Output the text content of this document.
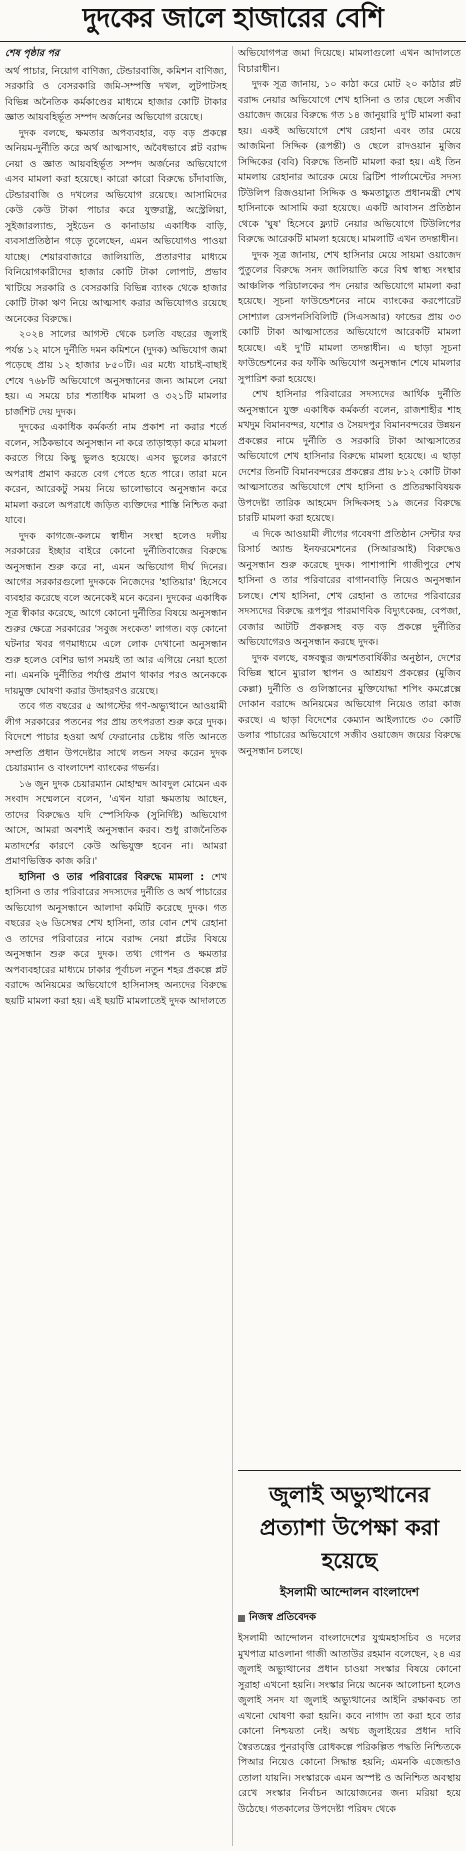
দুদকের জালে হাজারের বেশি
শেষ পৃষ্ঠার পর

অর্থ পাচার, নিয়োগ বাণিজ্য, টেন্ডারবাজি, কমিশন বাণিজ্য, সরকারি ও বেসরকারি জমি-সম্পত্তি দখল, লুটপাটসহ বিভিন্ন অনৈতিক কর্মকাণ্ডের মাধ্যমে হাজার কোটি টাকার জ্ঞাত আয়বহির্ভূত সম্পদ অর্জনের অভিযোগ রয়েছে।

দুদক বলছে, ক্ষমতার অপব্যবহার, বড় বড় প্রকল্পে অনিয়ম-দুর্নীতি করে অর্থ আত্মসাৎ, অবৈধভাবে প্লট বরাদ্দ নেয়া ও জ্ঞাত আয়বহির্ভূত সম্পদ অর্জনের অভিযোগে এসব মামলা করা হয়েছে। কারো কারো বিরুদ্ধে চাঁদাবাজি, টেন্ডারবাজি ও দখলের অভিযোগ রয়েছে। আসামিদের কেউ কেউ টাকা পাচার করে যুক্তরাষ্ট্র, অস্ট্রেলিয়া, সুইজারল্যান্ড, সুইডেন ও কানাডায় একাধিক বাড়ি, ব্যবসাপ্রতিষ্ঠান গড়ে তুলেছেন, এমন অভিযোগও পাওয়া যাচ্ছে। শেয়ারবাজারে জালিয়াতি, প্রতারণার মাধ্যমে বিনিয়োগকারীদের হাজার কোটি টাকা লোপাট, প্রভাব খাটিয়ে সরকারি ও বেসরকারি বিভিন্ন ব্যাংক থেকে হাজার কোটি টাকা ঋণ নিয়ে আত্মসাৎ করার অভিযোগও রয়েছে অনেকের বিরুদ্ধে।

২০২৪ সালের আগস্ট থেকে চলতি বছরের জুলাই পর্যন্ত ১২ মাসে দুর্নীতি দমন কমিশনে (দুদক) অভিযোগ জমা পড়েছে প্রায় ১২ হাজার ৮৫০টি। এর মধ্যে যাচাই-বাছাই শেষে ৭৬৮টি অভিযোগে অনুসন্ধানের জন্য আমলে নেয়া হয়। এ সময়ে চার শতাধিক মামলা ও ৩২১টি মামলার চার্জশিট দেয় দুদক।

দুদকের একাধিক কর্মকর্তা নাম প্রকাশ না করার শর্তে বলেন, সঠিকভাবে অনুসন্ধান না করে তাড়াহুড়া করে মামলা করতে গিয়ে কিছু ভুলও হয়েছে। এসব ভুলের কারণে অপরাধ প্রমাণ করতে বেগ পেতে হতে পারে। তারা মনে করেন, আরেকটু সময় নিয়ে ভালোভাবে অনুসন্ধান করে মামলা করলে অপরাধে জড়িত ব্যক্তিদের শাস্তি নিশ্চিত করা যাবে।

দুদক কাগজে-কলমে স্বাধীন সংস্থা হলেও দলীয় সরকারের ইচ্ছার বাইরে কোনো দুর্নীতিবাজের বিরুদ্ধে অনুসন্ধান শুরু করে না, এমন অভিযোগ দীর্ঘ দিনের। আগের সরকারগুলো দুদককে নিজেদের 'হাতিয়ার' হিসেবে ব্যবহার করেছে বলে অনেকেই মনে করেন। দুদকের একাধিক সূত্র স্বীকার করেছে, আগে কোনো দুর্নীতির বিষয়ে অনুসন্ধান শুরুর ক্ষেত্রে সরকারের 'সবুজ সংকেত' লাগত। বড় কোনো ঘটনার খবর গণমাধ্যমে এলে লোক দেখানো অনুসন্ধান শুরু হলেও বেশির ভাগ সময়ই তা আর এগিয়ে নেয়া হতো না। এমনকি দুর্নীতির পর্যাপ্ত প্রমাণ থাকার পরও অনেককে দায়মুক্ত ঘোষণা করার উদাহরণও রয়েছে।

তবে গত বছরের ৫ আগস্টের গণ-অভ্যুত্থানে আওয়ামী লীগ সরকারের পতনের পর প্রায় তৎপরতা শুরু করে দুদক। বিদেশে পাচার হওয়া অর্থ ফেরানোর চেষ্টায় গতি আনতে সম্প্রতি প্রধান উপদেষ্টার সাথে লন্ডন সফর করেন দুদক চেয়ারম্যান ও বাংলাদেশ ব্যাংকের গভর্নর।

১৬ জুন দুদক চেয়ারম্যান মোহাম্মদ আবদুল মোমেন এক সংবাদ সম্মেলনে বলেন, 'এখন যারা ক্ষমতায় আছেন, তাদের বিরুদ্ধেও যদি স্পেসিফিক (সুনির্দিষ্ট) অভিযোগ আসে, আমরা অবশ্যই অনুসন্ধান করব। শুধু রাজনৈতিক মতাদর্শের কারণে কেউ অভিযুক্ত হবেন না। আমরা প্রমাণভিত্তিক কাজ করি।'

হাসিনা ও তার পরিবারের বিরুদ্ধে মামলা : শেখ হাসিনা ও তার পরিবারের সদস্যদের দুর্নীতি ও অর্থ পাচারের অভিযোগ অনুসন্ধানে আলাদা কমিটি করেছে দুদক। গত বছরের ২৬ ডিসেম্বর শেখ হাসিনা, তার বোন শেখ রেহানা ও তাদের পরিবারের নামে বরাদ্দ নেয়া প্লটের বিষয়ে অনুসন্ধান শুরু করে দুদক। তথ্য গোপন ও ক্ষমতার অপব্যবহারের মাধ্যমে ঢাকার পূর্বাচল নতুন শহর প্রকল্পে প্লট বরাদ্দে অনিয়মের অভিযোগে হাসিনাসহ অন্যদের বিরুদ্ধে ছয়টি মামলা করা হয়। এই ছয়টি মামলাতেই দুদক আদালতে

অভিযোগপত্র জমা দিয়েছে। মামলাগুলো এখন আদালতে বিচারাধীন।

দুদক সূত্র জানায়, ১০ কাঠা করে মোট ২০ কাঠার প্লট বরাদ্দ নেয়ার অভিযোগে শেখ হাসিনা ও তার ছেলে সজীব ওয়াজেদ জয়ের বিরুদ্ধে গত ১৪ জানুয়ারি দু'টি মামলা করা হয়। একই অভিযোগে শেখ রেহানা এবং তার মেয়ে আজমিনা সিদ্দিক (রূপন্তী) ও ছেলে রাদওয়ান মুজিব সিদ্দিকের (ববি) বিরুদ্ধে তিনটি মামলা করা হয়। এই তিন মামলায় রেহানার আরেক মেয়ে ব্রিটিশ পার্লামেন্টের সদস্য টিউলিপ রিজওয়ানা সিদ্দিক ও ক্ষমতাচ্যুত প্রধানমন্ত্রী শেখ হাসিনাকে আসামি করা হয়েছে। একটি আবাসন প্রতিষ্ঠান থেকে 'ঘুষ' হিসেবে ফ্ল্যাট নেয়ার অভিযোগে টিউলিপের বিরুদ্ধে আরেকটি মামলা হয়েছে। মামলাটি এখন তদন্তাধীন।

দুদক সূত্র জানায়, শেখ হাসিনার মেয়ে সায়মা ওয়াজেদ পুতুলের বিরুদ্ধে সনদ জালিয়াতি করে বিশ্ব স্বাস্থ্য সংস্থার আঞ্চলিক পরিচালকের পদ নেয়ার অভিযোগে মামলা করা হয়েছে। সূচনা ফাউন্ডেশনের নামে ব্যাংকের করপোরেট সোশ্যাল রেসপনসিবিলিটি (সিএসআর) ফান্ডের প্রায় ৩৩ কোটি টাকা আত্মসাতের অভিযোগে আরেকটি মামলা হয়েছে। এই দু'টি মামলা তদন্তাধীন। এ ছাড়া সূচনা ফাউন্ডেশনের কর ফাঁকি অভিযোগ অনুসন্ধান শেষে মামলার সুপারিশ করা হয়েছে।

শেখ হাসিনার পরিবারের সদস্যদের আর্থিক দুর্নীতি অনুসন্ধানে যুক্ত একাধিক কর্মকর্তা বলেন, রাজশাহীর শাহ মখদুম বিমানবন্দর, যশোর ও সৈয়দপুর বিমানবন্দরের উন্নয়ন প্রকল্পের নামে দুর্নীতি ও সরকারি টাকা আত্মসাতের অভিযোগে শেখ হাসিনার বিরুদ্ধে মামলা হয়েছে। এ ছাড়া দেশের তিনটি বিমানবন্দরের প্রকল্পের প্রায় ৮১২ কোটি টাকা আত্মসাতের অভিযোগে শেখ হাসিনা ও প্রতিরক্ষাবিষয়ক উপদেষ্টা তারিক আহমেদ সিদ্দিকসহ ১৯ জনের বিরুদ্ধে চারটি মামলা করা হয়েছে।

এ দিকে আওয়ামী লীগের গবেষণা প্রতিষ্ঠান সেন্টার ফর রিসার্চ অ্যান্ড ইনফরমেশনের (সিআরআই) বিরুদ্ধেও অনুসন্ধান শুরু করেছে দুদক। পাশাপাশি গাজীপুরে শেখ হাসিনা ও তার পরিবারের বাগানবাড়ি নিয়েও অনুসন্ধান চলছে। শেখ হাসিনা, শেখ রেহানা ও তাদের পরিবারের সদস্যদের বিরুদ্ধে রূপপুর পারমাণবিক বিদ্যুৎকেন্দ্র, বেপজা, বেজার আটটি প্রকল্পসহ বড় বড় প্রকল্পে দুর্নীতির অভিযোগেরও অনুসন্ধান করছে দুদক।

দুদক বলছে, বঙ্গবন্ধুর জন্মশতবার্ষিকীর অনুষ্ঠান, দেশের বিভিন্ন স্থানে ম্যুরাল স্থাপন ও আশ্রয়ণ প্রকল্পের (মুজিব কেল্লা) দুর্নীতি ও গুলিস্তানের মুক্তিযোদ্ধা শপিং কমপ্লেক্সে দোকান বরাদ্দে অনিয়মের অভিযোগ নিয়েও তারা কাজ করছে। এ ছাড়া বিদেশের কেম্যান আইল্যান্ডে ৩০ কোটি ডলার পাচারের অভিযোগে সজীব ওয়াজেদ জয়ের বিরুদ্ধে অনুসন্ধান চলছে।

জুলাই অভ্যুত্থানের প্রত্যাশা উপেক্ষা করা হয়েছে
ইসলামী আন্দোলন বাংলাদেশ
নিজস্ব প্রতিবেদক
ইসলামী আন্দোলন বাংলাদেশের যুগ্মমহাসচিব ও দলের মুখপাত্র মাওলানা গাজী আতাউর রহমান বলেছেন, ২৪ এর জুলাই অভ্যুত্থানের প্রধান চাওয়া সংস্কার বিষয়ে কোনো সুরাহা এখনো হয়নি। সংস্কার নিয়ে অনেক আলোচনা হলেও জুলাই সনদ যা জুলাই অভ্যুত্থানের আইনি রক্ষাকবচ তা এখনো ঘোষণা করা হয়নি। কবে নাগাদ তা করা হবে তার কোনো নিশ্চয়তা নেই। অথচ জুলাইয়ের প্রধান দাবি স্বৈরতন্ত্রের পুনরাবৃত্তি রোধকল্পে পরিকল্পিত পদ্ধতি নিশ্চিতকে পিআর নিয়েও কোনো সিদ্ধান্ত হয়নি; এমনকি এজেন্ডাও তোলা যায়নি। সংস্কারকে এমন অস্পষ্ট ও অনিশ্চিত অবস্থায় রেখে সংস্কার নির্বাচন আয়োজনের জন্য মরিয়া হয়ে উঠেছে। গতকালের উপদেষ্টা পরিষদ থেকে
